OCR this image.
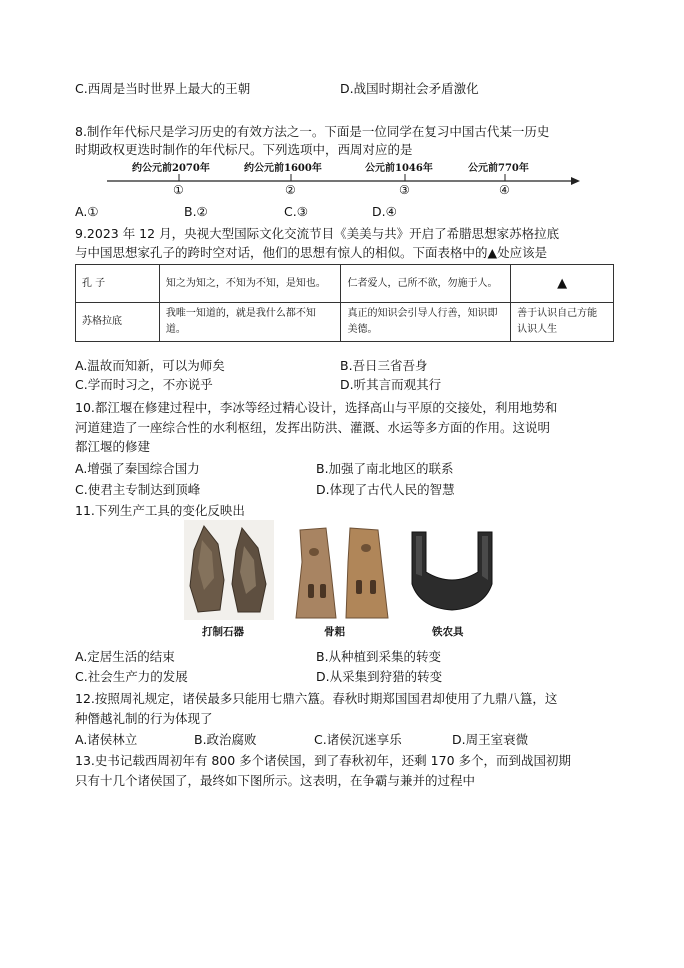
C.西周是当时世界上最大的王朝	D.战国时期社会矛盾激化
8.制作年代标尺是学习历史的有效方法之一。下面是一位同学在复习中国古代某一历史
时期政权更迭时制作的年代标尺。下列选项中，西周对应的是
约公元前2070年	约公元前1600年	公元前1046年	公元前770年
①	②	③	④
A.①	B.②	C.③	D.④
9.2023 年 12 月，央视大型国际文化交流节目《美美与共》开启了希腊思想家苏格拉底
与中国思想家孔子的跨时空对话，他们的思想有惊人的相似。下面表格中的▲处应该是
孔 子	知之为知之，不知为不知，是知也。	仁者爱人，己所不欲，勿施于人。	▲
苏格拉底	我唯一知道的，就是我什么都不知道。	真正的知识会引导人行善，知识即美德。	善于认识自己方能认识人生
A.温故而知新，可以为师矣	B.吾日三省吾身
C.学而时习之，不亦说乎	D.听其言而观其行
10.都江堰在修建过程中，李冰等经过精心设计，选择高山与平原的交接处，利用地势和
河道建造了一座综合性的水利枢纽，发挥出防洪、灌溉、水运等多方面的作用。这说明
都江堰的修建
A.增强了秦国综合国力	B.加强了南北地区的联系
C.使君主专制达到顶峰	D.体现了古代人民的智慧
11.下列生产工具的变化反映出
打制石器	骨耜	铁农具
A.定居生活的结束	B.从种植到采集的转变
C.社会生产力的发展	D.从采集到狩猎的转变
12.按照周礼规定，诸侯最多只能用七鼎六簋。春秋时期郑国国君却使用了九鼎八簋，这
种僭越礼制的行为体现了
A.诸侯林立	B.政治腐败	C.诸侯沉迷享乐	D.周王室衰微
13.史书记载西周初年有 800 多个诸侯国，到了春秋初年，还剩 170 多个，而到战国初期
只有十几个诸侯国了，最终如下图所示。这表明，在争霸与兼并的过程中
